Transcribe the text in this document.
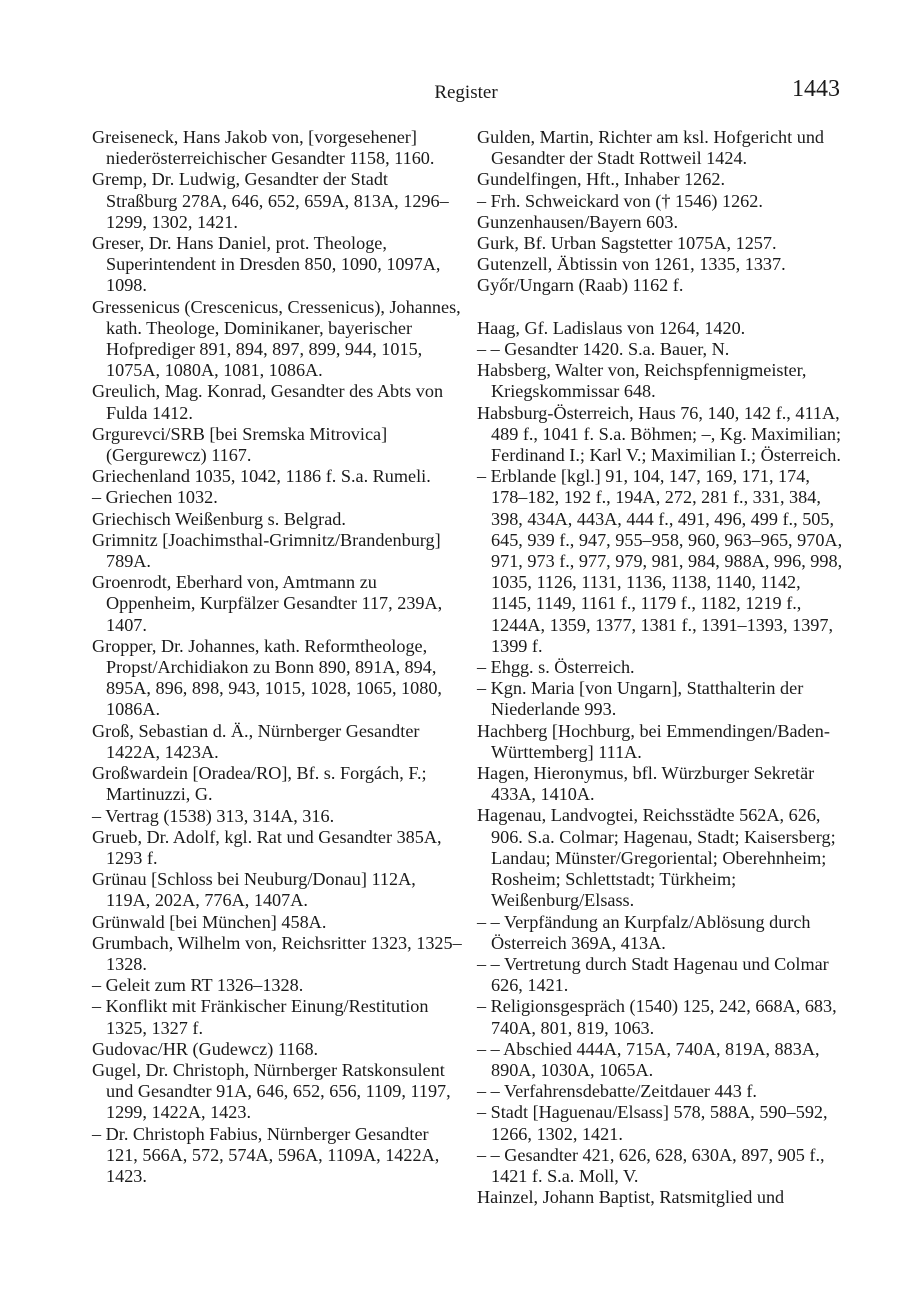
Register	1443

Greiseneck, Hans Jakob von, [vorgesehener] niederösterreichischer Gesandter 1158, 1160.

Gremp, Dr. Ludwig, Gesandter der Stadt Straßburg 278A, 646, 652, 659A, 813A, 1296–1299, 1302, 1421.

Greser, Dr. Hans Daniel, prot. Theologe, Superintendent in Dresden 850, 1090, 1097A, 1098.

Gressenicus (Crescenicus, Cressenicus), Johannes, kath. Theologe, Dominikaner, bayerischer Hofprediger 891, 894, 897, 899, 944, 1015, 1075A, 1080A, 1081, 1086A.

Greulich, Mag. Konrad, Gesandter des Abts von Fulda 1412.

Grgurevci/SRB [bei Sremska Mitrovica] (Gergurewcz) 1167.

Griechenland 1035, 1042, 1186 f. S.a. Rumeli.

– Griechen 1032.

Griechisch Weißenburg s. Belgrad.

Grimnitz [Joachimsthal-Grimnitz/Brandenburg] 789A.

Groenrodt, Eberhard von, Amtmann zu Oppenheim, Kurpfälzer Gesandter 117, 239A, 1407.

Gropper, Dr. Johannes, kath. Reformtheologe, Propst/Archidiakon zu Bonn 890, 891A, 894, 895A, 896, 898, 943, 1015, 1028, 1065, 1080, 1086A.

Groß, Sebastian d. Ä., Nürnberger Gesandter 1422A, 1423A.

Großwardein [Oradea/RO], Bf. s. Forgách, F.; Martinuzzi, G.

– Vertrag (1538) 313, 314A, 316.

Grueb, Dr. Adolf, kgl. Rat und Gesandter 385A, 1293 f.

Grünau [Schloss bei Neuburg/Donau] 112A, 119A, 202A, 776A, 1407A.

Grünwald [bei München] 458A.

Grumbach, Wilhelm von, Reichsritter 1323, 1325–1328.

– Geleit zum RT 1326–1328.

– Konflikt mit Fränkischer Einung/Restitution 1325, 1327 f.

Gudovac/HR (Gudewcz) 1168.

Gugel, Dr. Christoph, Nürnberger Ratskonsulent und Gesandter 91A, 646, 652, 656, 1109, 1197, 1299, 1422A, 1423.

– Dr. Christoph Fabius, Nürnberger Gesandter 121, 566A, 572, 574A, 596A, 1109A, 1422A, 1423.

Gulden, Martin, Richter am ksl. Hofgericht und Gesandter der Stadt Rottweil 1424.

Gundelfingen, Hft., Inhaber 1262.

– Frh. Schweickard von († 1546) 1262.

Gunzenhausen/Bayern 603.

Gurk, Bf. Urban Sagstetter 1075A, 1257.

Gutenzell, Äbtissin von 1261, 1335, 1337.

Győr/Ungarn (Raab) 1162 f.

Haag, Gf. Ladislaus von 1264, 1420.

– – Gesandter 1420. S.a. Bauer, N.

Habsberg, Walter von, Reichspfennigmeister, Kriegskommissar 648.

Habsburg-Österreich, Haus 76, 140, 142 f., 411A, 489 f., 1041 f. S.a. Böhmen; –, Kg. Maximilian; Ferdinand I.; Karl V.; Maximilian I.; Österreich.

– Erblande [kgl.] 91, 104, 147, 169, 171, 174, 178–182, 192 f., 194A, 272, 281 f., 331, 384, 398, 434A, 443A, 444 f., 491, 496, 499 f., 505, 645, 939 f., 947, 955–958, 960, 963–965, 970A, 971, 973 f., 977, 979, 981, 984, 988A, 996, 998, 1035, 1126, 1131, 1136, 1138, 1140, 1142, 1145, 1149, 1161 f., 1179 f., 1182, 1219 f., 1244A, 1359, 1377, 1381 f., 1391–1393, 1397, 1399 f.

– Ehgg. s. Österreich.

– Kgn. Maria [von Ungarn], Statthalterin der Niederlande 993.

Hachberg [Hochburg, bei Emmendingen/Baden-Württemberg] 111A.

Hagen, Hieronymus, bfl. Würzburger Sekretär 433A, 1410A.

Hagenau, Landvogtei, Reichsstädte 562A, 626, 906. S.a. Colmar; Hagenau, Stadt; Kaisersberg; Landau; Münster/Gregoriental; Oberehnheim; Rosheim; Schlettstadt; Türkheim; Weißenburg/Elsass.

– – Verpfändung an Kurpfalz/Ablösung durch Österreich 369A, 413A.

– – Vertretung durch Stadt Hagenau und Colmar 626, 1421.

– Religionsgespräch (1540) 125, 242, 668A, 683, 740A, 801, 819, 1063.

– – Abschied 444A, 715A, 740A, 819A, 883A, 890A, 1030A, 1065A.

– – Verfahrensdebatte/Zeitdauer 443 f.

– Stadt [Haguenau/Elsass] 578, 588A, 590–592, 1266, 1302, 1421.

– – Gesandter 421, 626, 628, 630A, 897, 905 f., 1421 f. S.a. Moll, V.

Hainzel, Johann Baptist, Ratsmitglied und
